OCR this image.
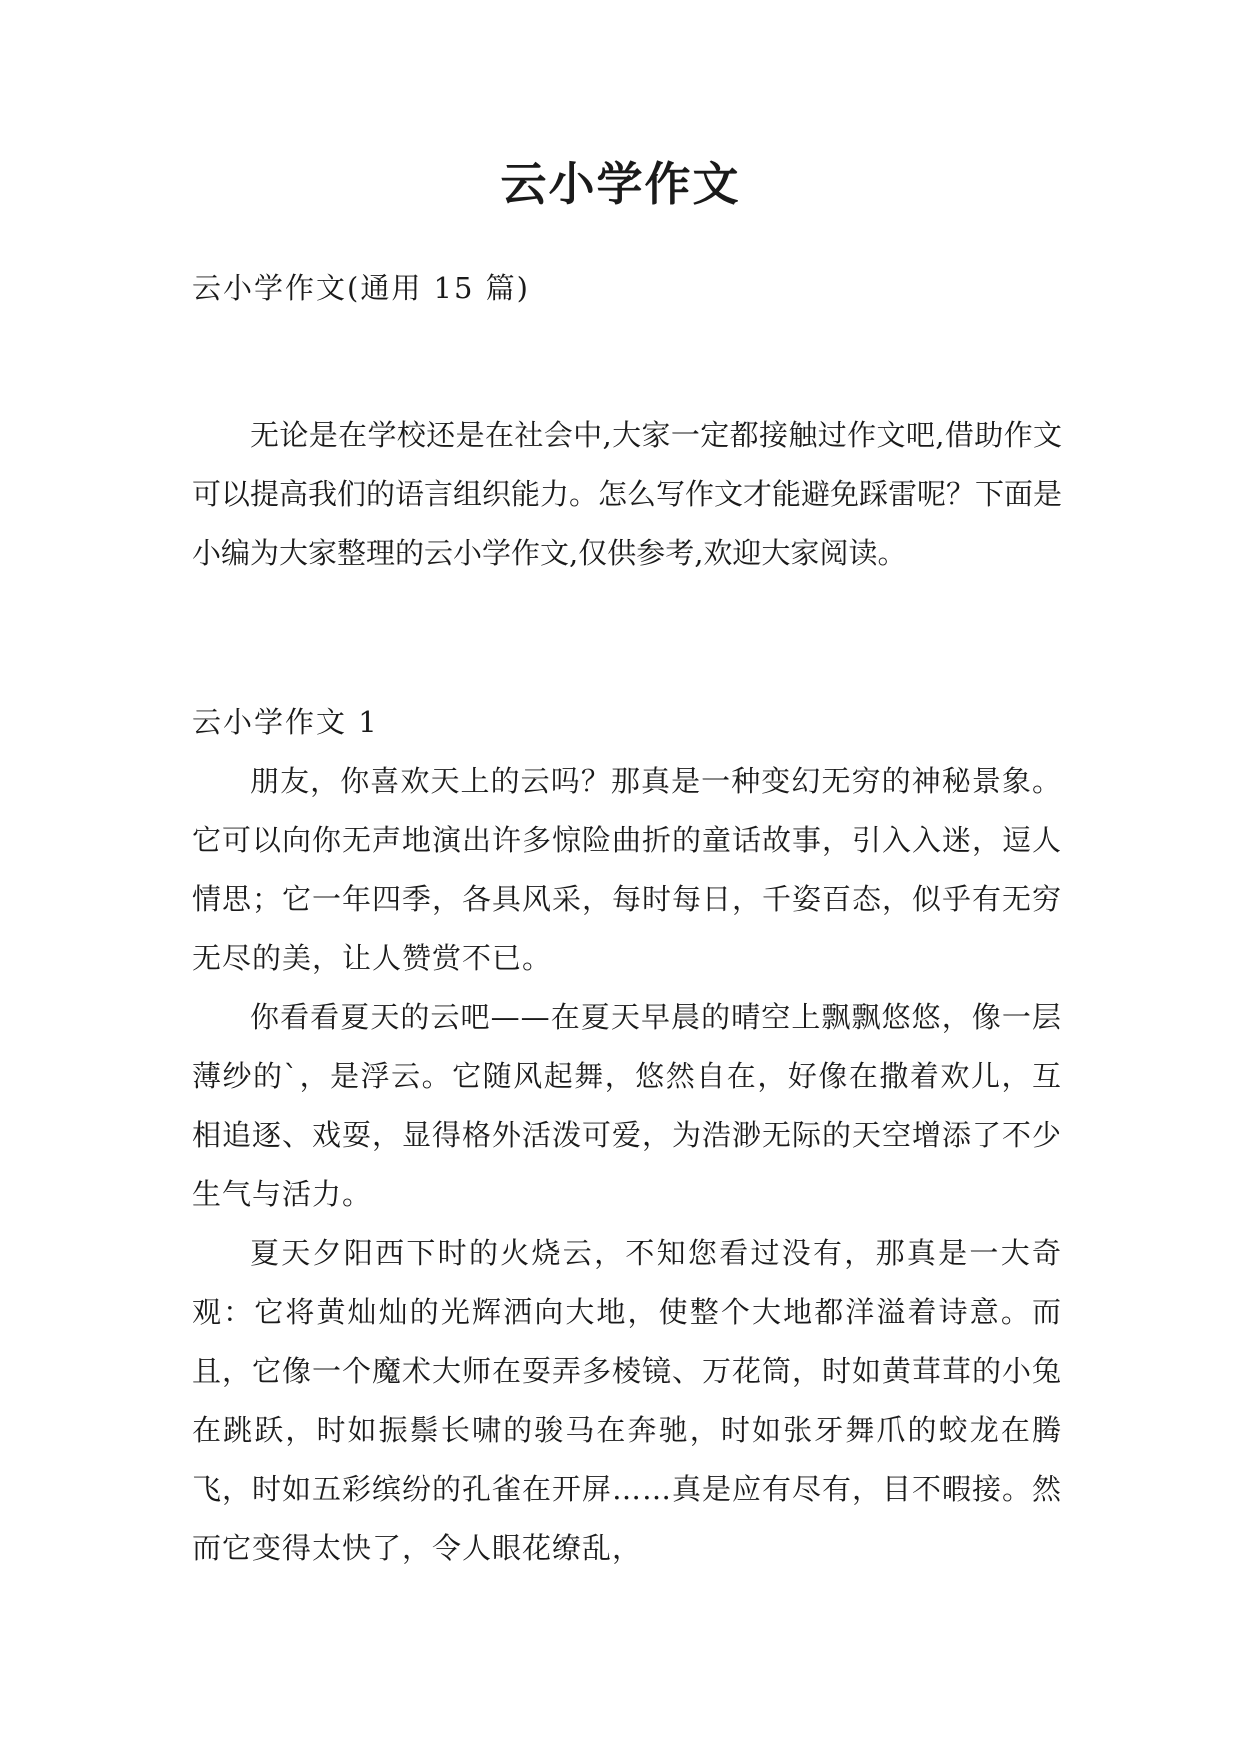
云小学作文

云小学作文(通用 15 篇)

无论是在学校还是在社会中,大家一定都接触过作文吧,借助作文可以提高我们的语言组织能力。怎么写作文才能避免踩雷呢？下面是小编为大家整理的云小学作文,仅供参考,欢迎大家阅读。

云小学作文 1

朋友，你喜欢天上的云吗？那真是一种变幻无穷的神秘景象。它可以向你无声地演出许多惊险曲折的童话故事，引入入迷，逗人情思；它一年四季，各具风采，每时每日，千姿百态，似乎有无穷无尽的美，让人赞赏不已。

你看看夏天的云吧——在夏天早晨的晴空上飘飘悠悠，像一层薄纱的`，是浮云。它随风起舞，悠然自在，好像在撒着欢儿，互相追逐、戏耍，显得格外活泼可爱，为浩渺无际的天空增添了不少生气与活力。

夏天夕阳西下时的火烧云，不知您看过没有，那真是一大奇观：它将黄灿灿的光辉洒向大地，使整个大地都洋溢着诗意。而且，它像一个魔术大师在耍弄多棱镜、万花筒，时如黄茸茸的小兔在跳跃，时如振鬃长啸的骏马在奔驰，时如张牙舞爪的蛟龙在腾飞，时如五彩缤纷的孔雀在开屏……真是应有尽有，目不暇接。然而它变得太快了，令人眼花缭乱，
